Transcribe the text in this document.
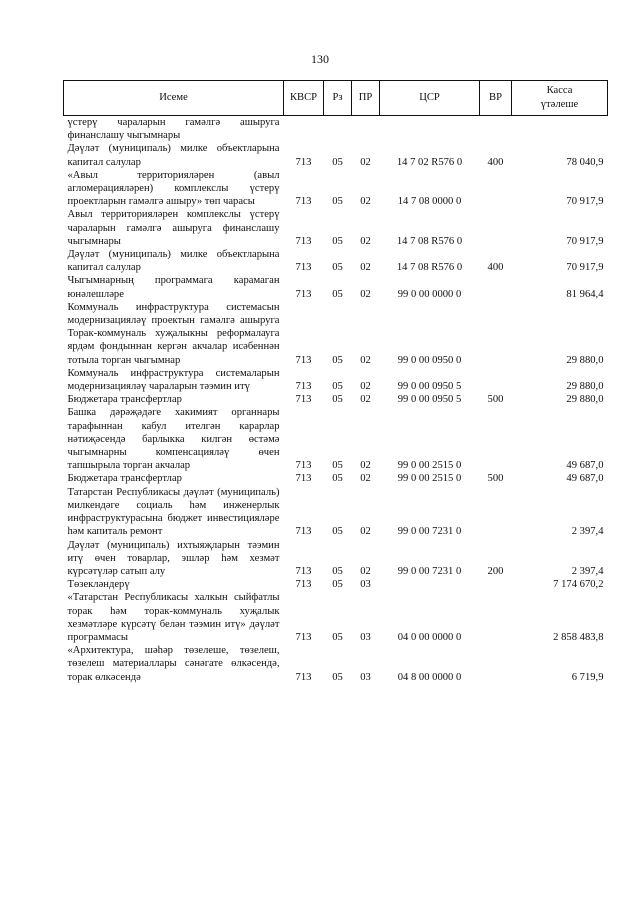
130
Исеме	КВСР	Рз	ПР	ЦСР	ВР	Касса
үтәлеше
үстерү чараларын гамәлгә ашыруга финанслашу чыгымнары						
Дәүләт (муниципаль) милке объектларына капитал салулар	713	05	02	14 7 02 R576 0	400	78 040,9
«Авыл территорияләрен (авыл агломерацияләрен) комплекслы үстерү проектларын гамәлгә ашыру» төп чарасы	713	05	02	14 7 08 0000 0		70 917,9
Авыл территорияләрен комплекслы үстерү чараларын гамәлгә ашыруга финанслашу чыгымнары	713	05	02	14 7 08 R576 0		70 917,9
Дәүләт (муниципаль) милке объектларына капитал салулар	713	05	02	14 7 08 R576 0	400	70 917,9
Чыгымнарның программага карамаган юнәлешләре	713	05	02	99 0 00 0000 0		81 964,4
Коммуналь инфраструктура системасын модернизацияләү проектын гамәлгә ашыруга Торак-коммуналь хуҗалыкны реформалауга ярдәм фондыннан кергән акчалар исәбеннән тотыла торган чыгымнар	713	05	02	99 0 00 0950 0		29 880,0
Коммуналь инфраструктура системаларын модернизацияләү чараларын тәэмин итү	713	05	02	99 0 00 0950 5		29 880,0
Бюджетара трансфертлар	713	05	02	99 0 00 0950 5	500	29 880,0
Башка дәрәҗәдәге хакимият органнары тарафыннан кабул ителгән карарлар нәтиҗәсендә барлыкка килгән өстәмә чыгымнарны компенсацияләү өчен тапшырыла торган акчалар	713	05	02	99 0 00 2515 0		49 687,0
Бюджетара трансфертлар	713	05	02	99 0 00 2515 0	500	49 687,0
Татарстан Республикасы дәүләт (муниципаль) милкендәге социаль һәм инженерлык инфраструктурасына бюджет инвестицияләре һәм капиталь ремонт	713	05	02	99 0 00 7231 0		2 397,4
Дәүләт (муниципаль) ихтыяҗларын тәэмин итү өчен товарлар, эшләр һәм хезмәт күрсәтүләр сатып алу	713	05	02	99 0 00 7231 0	200	2 397,4
Төзекләндерү	713	05	03			7 174 670,2
«Татарстан Республикасы халкын сыйфатлы торак һәм торак-коммуналь хуҗалык хезмәтләре күрсәтү белән тәэмин итү» дәүләт программасы	713	05	03	04 0 00 0000 0		2 858 483,8
«Архитектура, шәһәр төзелеше, төзелеш, төзелеш материаллары сәнәгате өлкәсендә, торак өлкәсендә	713	05	03	04 8 00 0000 0		6 719,9
